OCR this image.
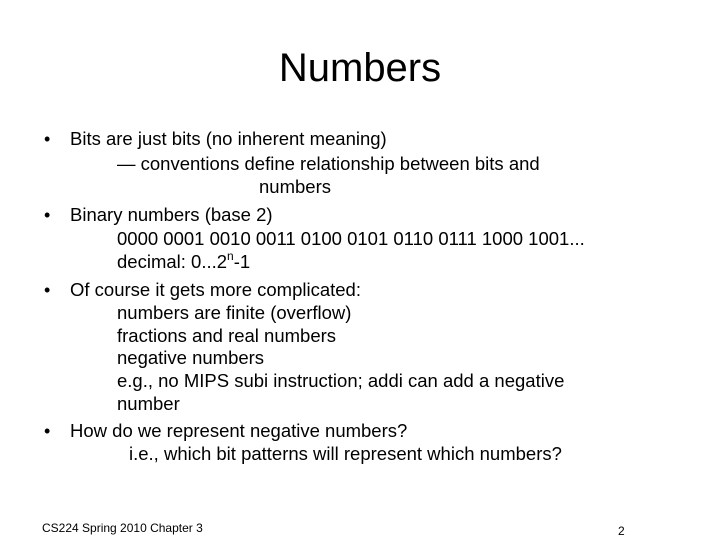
Numbers
• Bits are just bits (no inherent meaning)
— conventions define relationship between bits and
numbers
• Binary numbers (base 2)
0000 0001 0010 0011 0100 0101 0110 0111 1000 1001...
decimal: 0...2$^n$-1
• Of course it gets more complicated:
numbers are finite (overflow)
fractions and real numbers
negative numbers
e.g., no MIPS subi instruction; addi can add a negative
number
• How do we represent negative numbers?
i.e., which bit patterns will represent which numbers?
CS224 Spring 2010 Chapter 3	2
